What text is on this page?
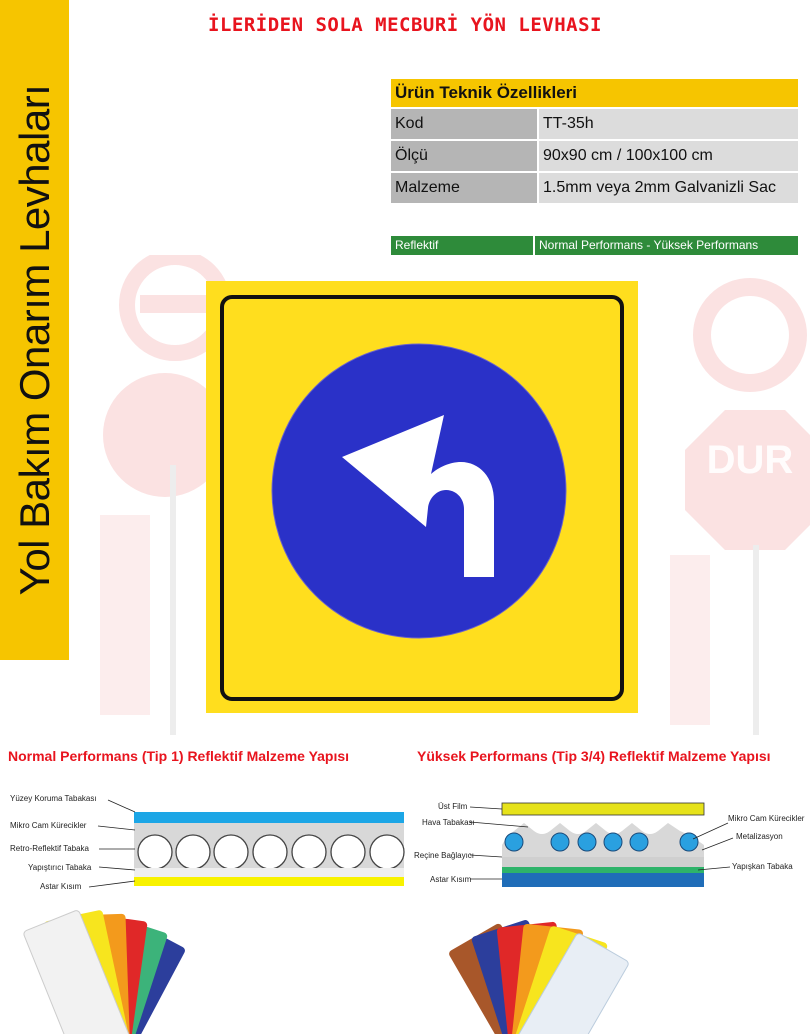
Yol Bakım Onarım Levhaları
İLERİDEN SOLA MECBURİ YÖN LEVHASI
Ürün Teknik Özellikleri	
Kod	TT-35h
Ölçü	90x90 cm / 100x100 cm
Malzeme	1.5mm veya 2mm Galvanizli Sac
Reflektif	Normal Performans - Yüksek Performans
DUR
Normal Performans (Tip 1) Reflektif Malzeme Yapısı	Yüksek Performans (Tip 3/4) Reflektif Malzeme Yapısı
Yüzey Koruma Tabakası
Mikro Cam Kürecikler
Retro-Reflektif Tabaka
Yapıştırıcı Tabaka
Astar Kısım
Üst Film
Hava Tabakası
Reçine Bağlayıcı
Astar Kısım
Mikro Cam Kürecikler
Metalizasyon
Yapışkan Tabaka
